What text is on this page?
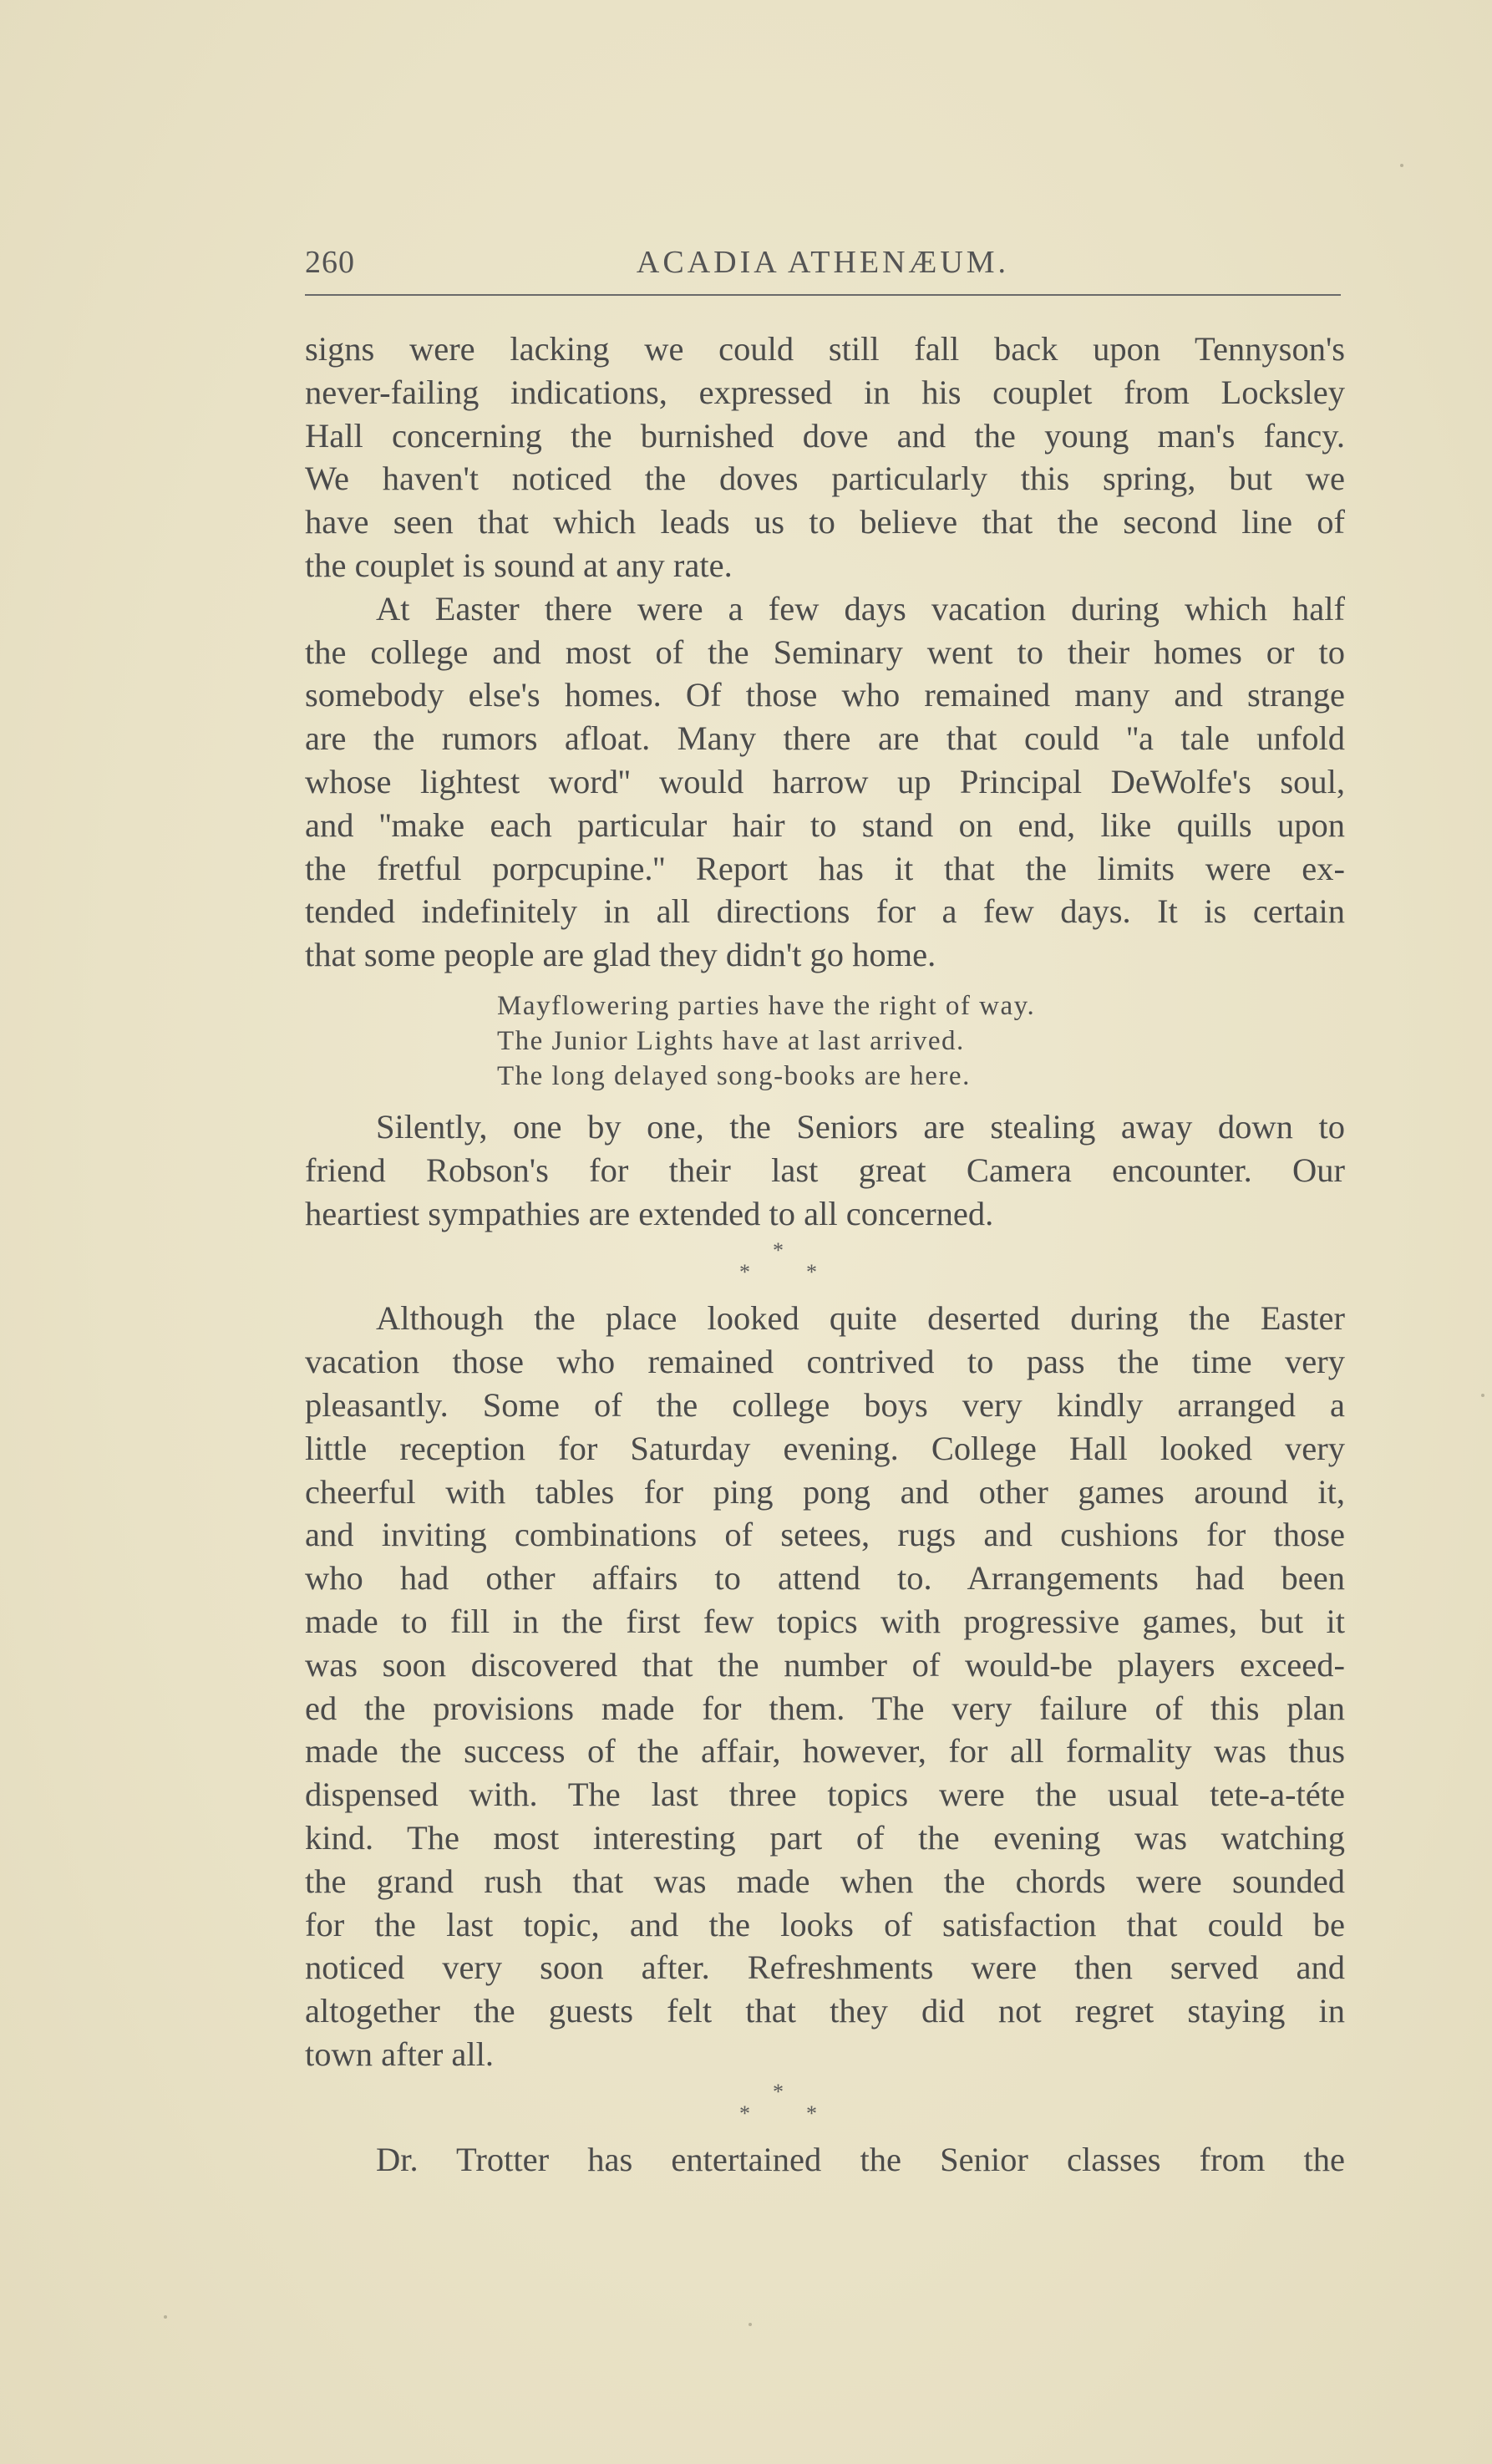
260	ACADIA ATHENÆUM.

signs were lacking we could still fall back upon Tennyson's
never-failing indications, expressed in his couplet from Locksley
Hall concerning the burnished dove and the young man's fancy.
We haven't noticed the doves particularly this spring, but we
have seen that which leads us to believe that the second line of
the couplet is sound at any rate.

At Easter there were a few days vacation during which half
the college and most of the Seminary went to their homes or to
somebody else's homes. Of those who remained many and strange
are the rumors afloat. Many there are that could ''a tale unfold
whose lightest word'' would harrow up Principal DeWolfe's soul,
and ''make each particular hair to stand on end, like quills upon
the fretful porpcupine.'' Report has it that the limits were ex-
tended indefinitely in all directions for a few days. It is certain
that some people are glad they didn't go home.

Mayflowering parties have the right of way.
The Junior Lights have at last arrived.
The long delayed song-books are here.

Silently, one by one, the Seniors are stealing away down to
friend Robson's for their last great Camera encounter. Our
heartiest sympathies are extended to all concerned.

*
*	*

Although the place looked quite deserted during the Easter
vacation those who remained contrived to pass the time very
pleasantly. Some of the college boys very kindly arranged a
little reception for Saturday evening. College Hall looked very
cheerful with tables for ping pong and other games around it,
and inviting combinations of setees, rugs and cushions for those
who had other affairs to attend to. Arrangements had been
made to fill in the first few topics with progressive games, but it
was soon discovered that the number of would-be players exceed-
ed the provisions made for them. The very failure of this plan
made the success of the affair, however, for all formality was thus
dispensed with. The last three topics were the usual tete-a-téte
kind. The most interesting part of the evening was watching
the grand rush that was made when the chords were sounded
for the last topic, and the looks of satisfaction that could be
noticed very soon after. Refreshments were then served and
altogether the guests felt that they did not regret staying in
town after all.

*
*	*

Dr. Trotter has entertained the Senior classes from the
